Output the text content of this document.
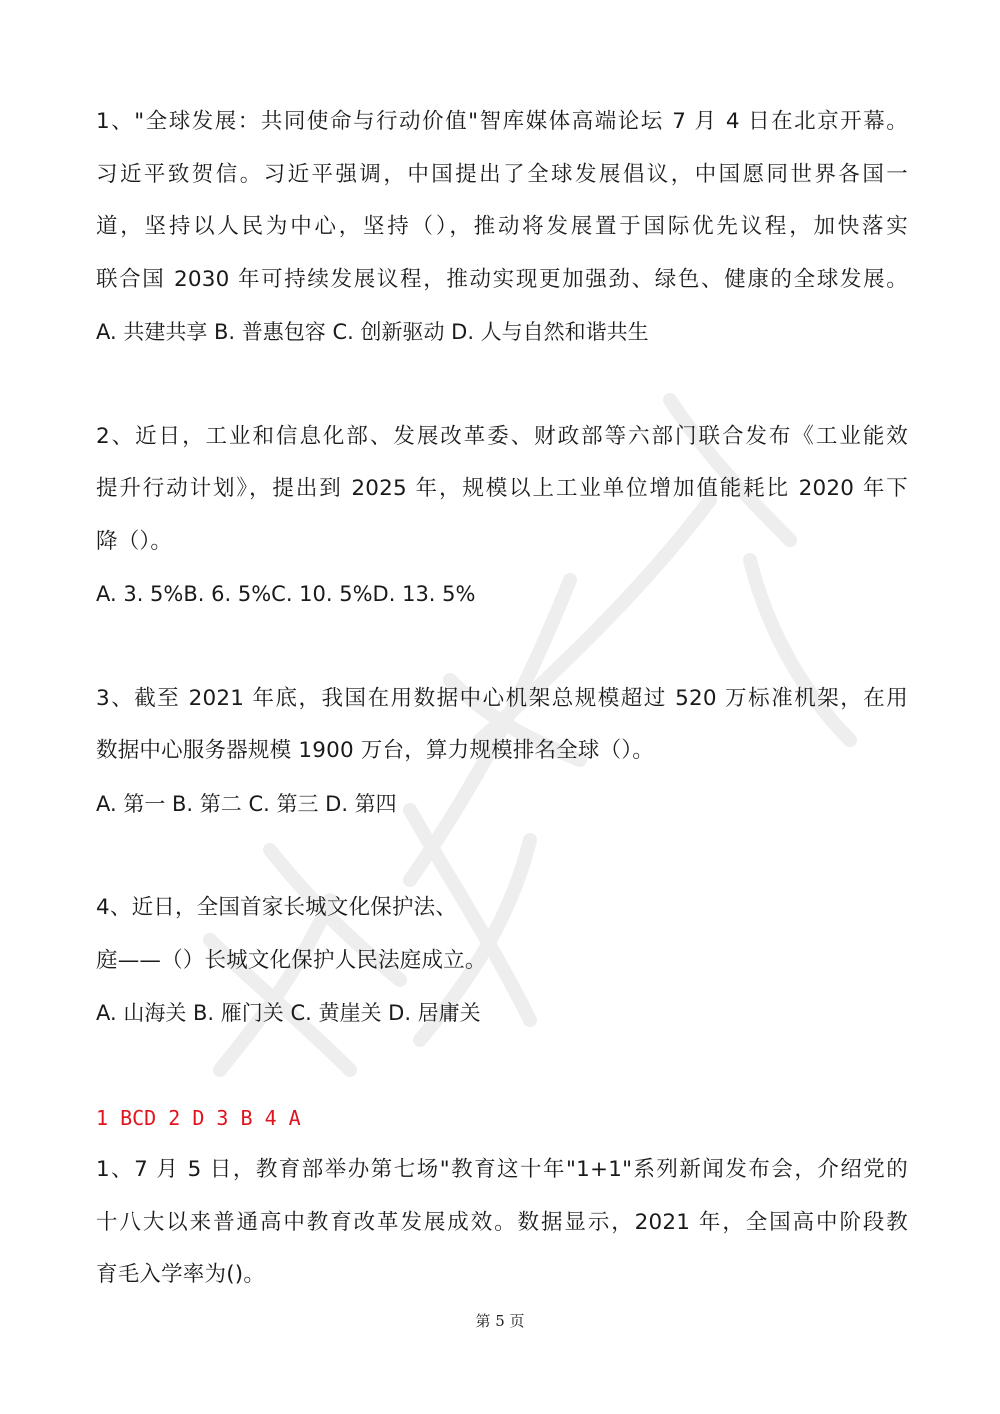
1、"全球发展：共同使命与行动价值"智库媒体高端论坛 7 月 4 日在北京开幕。
习近平致贺信。习近平强调，中国提出了全球发展倡议，中国愿同世界各国一
道，坚持以人民为中心，坚持（），推动将发展置于国际优先议程，加快落实
联合国 2030 年可持续发展议程，推动实现更加强劲、绿色、健康的全球发展。
A. 共建共享 B. 普惠包容 C. 创新驱动 D. 人与自然和谐共生
2、近日，工业和信息化部、发展改革委、财政部等六部门联合发布《工业能效
提升行动计划》，提出到 2025 年，规模以上工业单位增加值能耗比 2020 年下
降（）。
A. 3. 5%B. 6. 5%C. 10. 5%D. 13. 5%
3、截至 2021 年底，我国在用数据中心机架总规模超过 520 万标准机架，在用
数据中心服务器规模 1900 万台，算力规模排名全球（）。
A. 第一 B. 第二 C. 第三 D. 第四
4、近日，全国首家长城文化保护法、
庭——（）长城文化保护人民法庭成立。
A. 山海关 B. 雁门关 C. 黄崖关 D. 居庸关
1 BCD 2 D 3 B 4 A
1、7 月 5 日，教育部举办第七场"教育这十年"1+1"系列新闻发布会，介绍党的
十八大以来普通高中教育改革发展成效。数据显示，2021 年，全国高中阶段教
育毛入学率为()。
第 5 页
